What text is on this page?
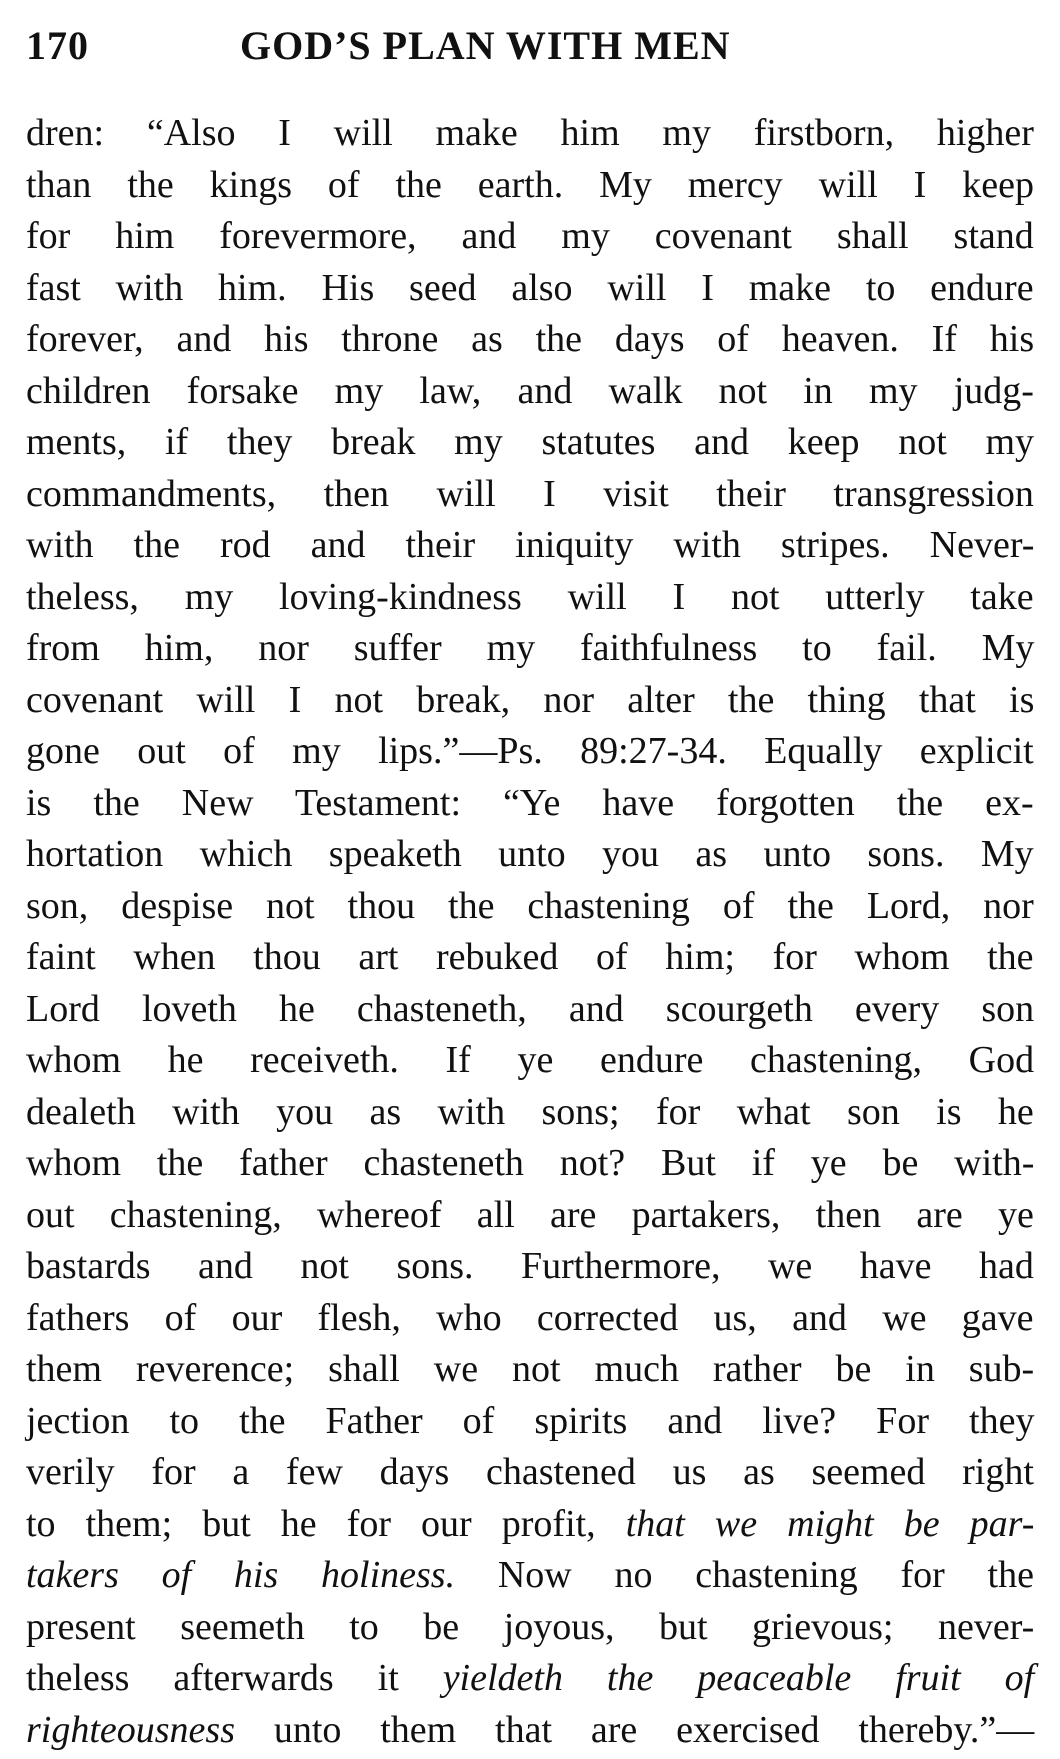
170	GOD’S PLAN WITH MEN
dren: “Also I will make him my firstborn, higher
than the kings of the earth. My mercy will I keep
for him forevermore, and my covenant shall stand
fast with him. His seed also will I make to endure
forever, and his throne as the days of heaven. If his
children forsake my law, and walk not in my judg-
ments, if they break my statutes and keep not my
commandments, then will I visit their transgression
with the rod and their iniquity with stripes. Never-
theless, my loving-kindness will I not utterly take
from him, nor suffer my faithfulness to fail. My
covenant will I not break, nor alter the thing that is
gone out of my lips.”—Ps. 89:27-34. Equally explicit
is the New Testament: “Ye have forgotten the ex-
hortation which speaketh unto you as unto sons. My
son, despise not thou the chastening of the Lord, nor
faint when thou art rebuked of him; for whom the
Lord loveth he chasteneth, and scourgeth every son
whom he receiveth. If ye endure chastening, God
dealeth with you as with sons; for what son is he
whom the father chasteneth not? But if ye be with-
out chastening, whereof all are partakers, then are ye
bastards and not sons. Furthermore, we have had
fathers of our flesh, who corrected us, and we gave
them reverence; shall we not much rather be in sub-
jection to the Father of spirits and live? For they
verily for a few days chastened us as seemed right
to them; but he for our profit, that we might be par-
takers of his holiness. Now no chastening for the
present seemeth to be joyous, but grievous; never-
theless afterwards it yieldeth the peaceable fruit of
righteousness unto them that are exercised thereby.”—
